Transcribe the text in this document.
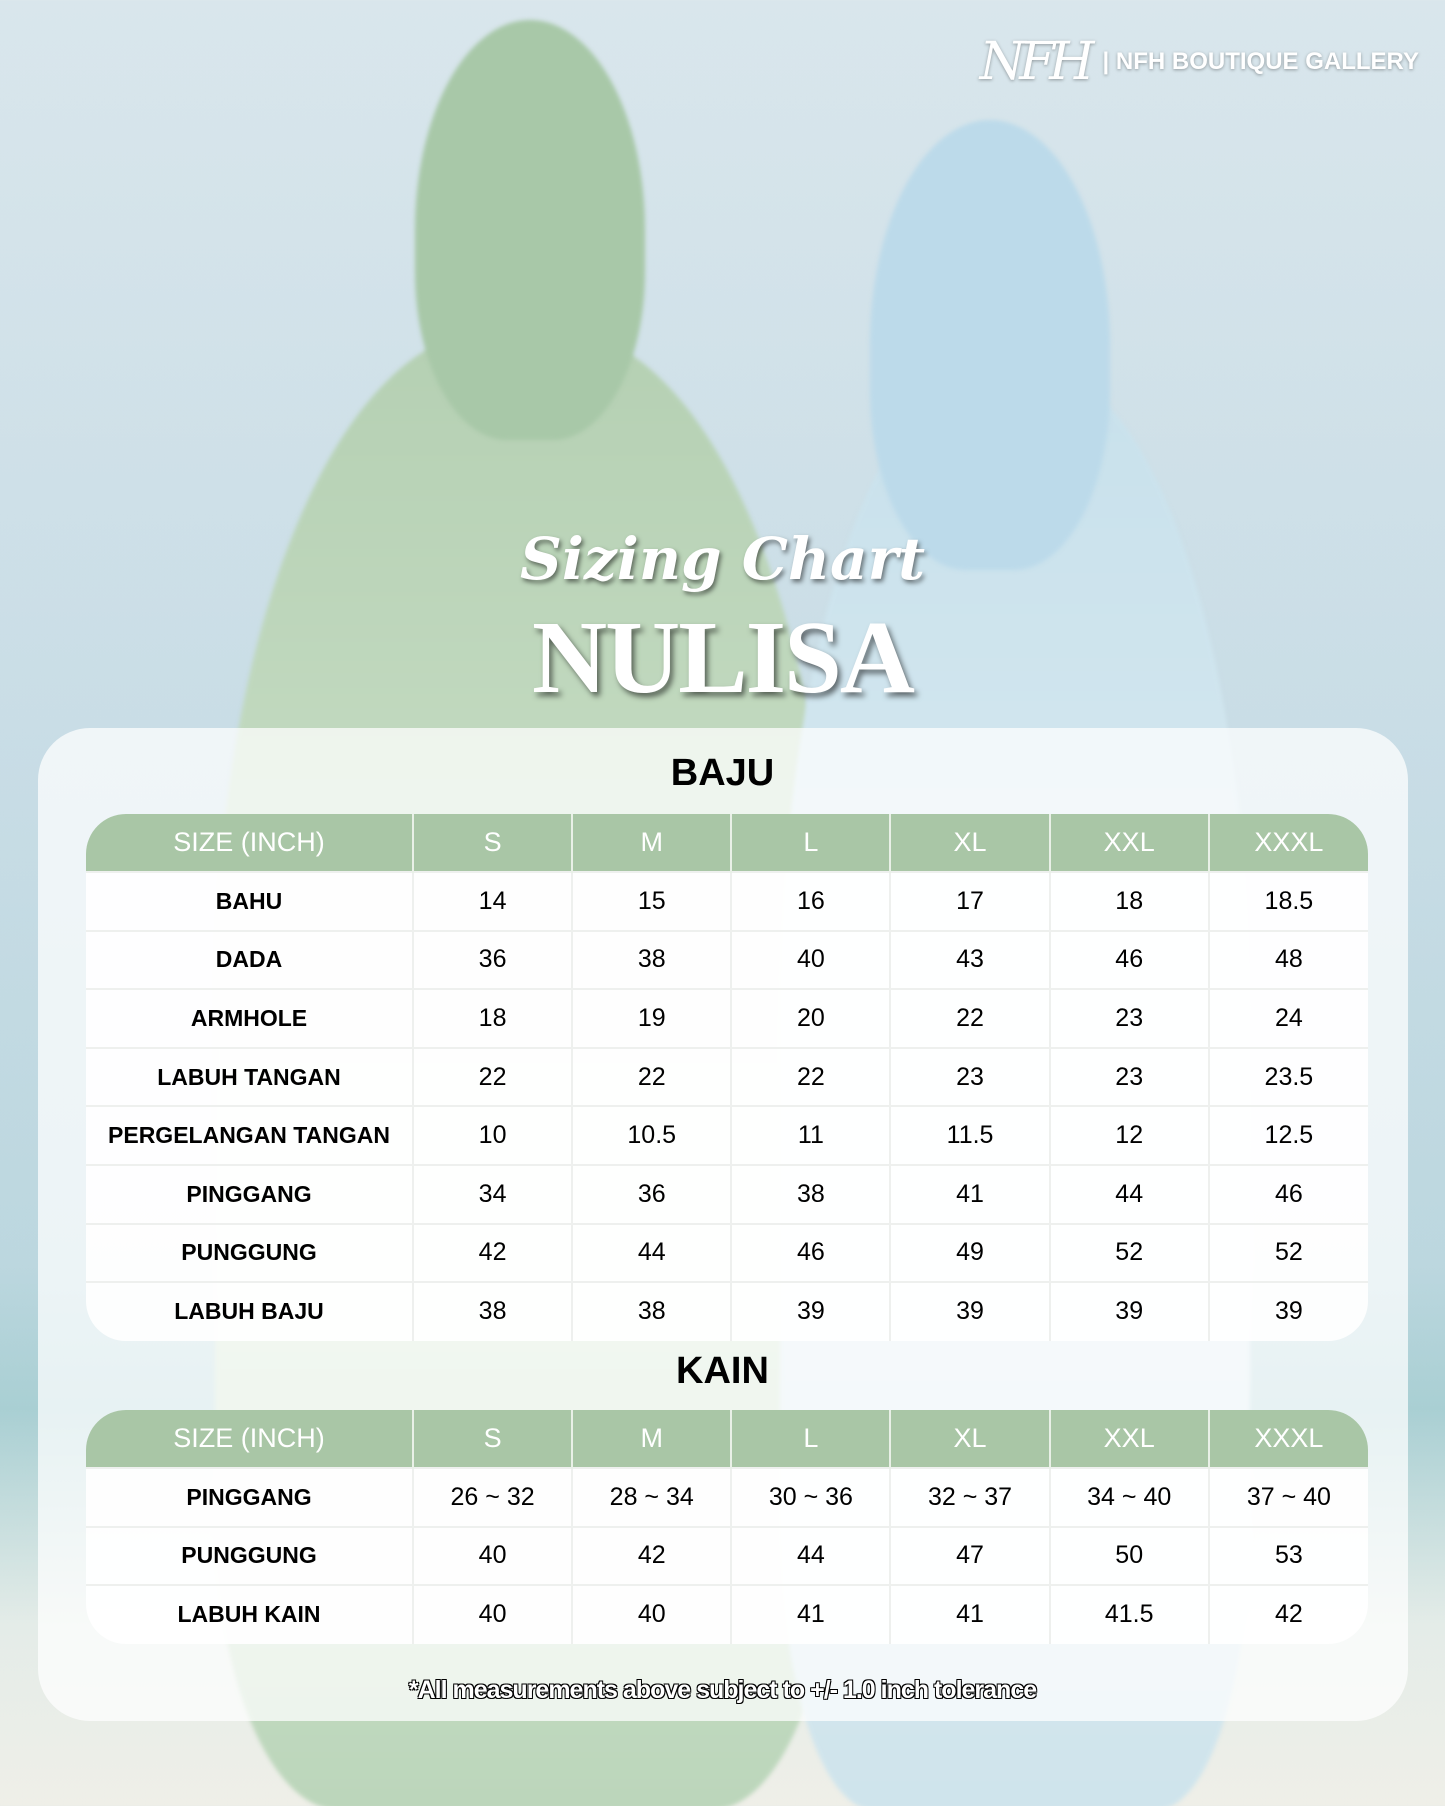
NFH | NFH BOUTIQUE GALLERY
Sizing Chart
NULISA
BAJU
SIZE (INCH)	S	M	L	XL	XXL	XXXL
BAHU	14	15	16	17	18	18.5
DADA	36	38	40	43	46	48
ARMHOLE	18	19	20	22	23	24
LABUH TANGAN	22	22	22	23	23	23.5
PERGELANGAN TANGAN	10	10.5	11	11.5	12	12.5
PINGGANG	34	36	38	41	44	46
PUNGGUNG	42	44	46	49	52	52
LABUH BAJU	38	38	39	39	39	39
KAIN
SIZE (INCH)	S	M	L	XL	XXL	XXXL
PINGGANG	26 ~ 32	28 ~ 34	30 ~ 36	32 ~ 37	34 ~ 40	37 ~ 40
PUNGGUNG	40	42	44	47	50	53
LABUH KAIN	40	40	41	41	41.5	42
*All measurements above subject to +/- 1.0 inch tolerance
